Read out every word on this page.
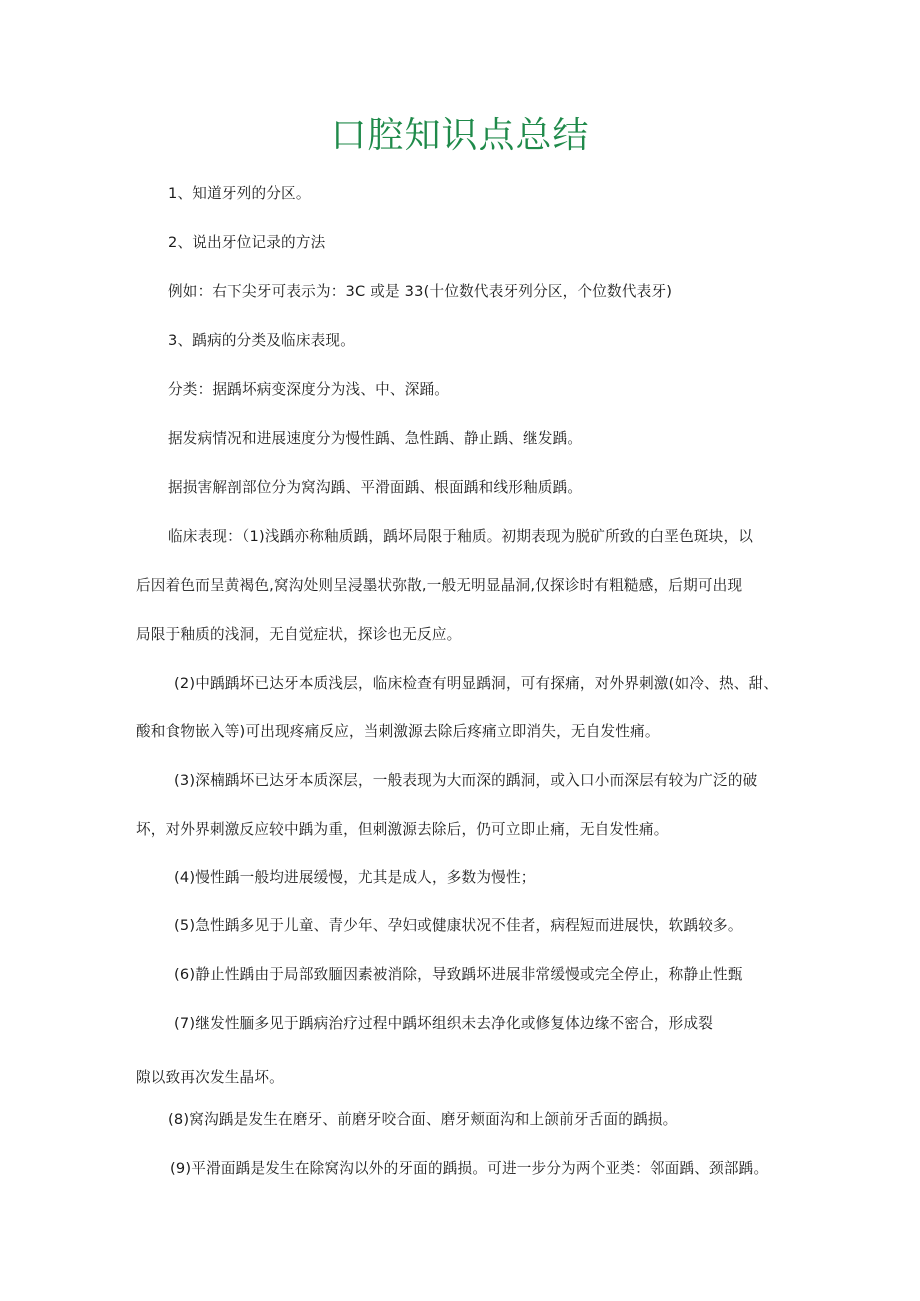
口腔知识点总结
1、知道牙列的分区。
2、说出牙位记录的方法
例如：右下尖牙可表示为：3C 或是 33(十位数代表牙列分区，个位数代表牙)
3、踽病的分类及临床表现。
分类：据踽坏病变深度分为浅、中、深踊。
据发病情况和进展速度分为慢性踽、急性踽、静止踽、继发踽。
据损害解剖部位分为窝沟踽、平滑面踽、根面踽和线形釉质踽。
临床表现：（1)浅踽亦称釉质踽，踽坏局限于釉质。初期表现为脱矿所致的白垩色斑块，以
后因着色而呈黄褐色,窝沟处则呈浸墨状弥散,一般无明显晶洞,仅探诊时有粗糙感，后期可出现
局限于釉质的浅洞，无自觉症状，探诊也无反应。
(2)中踽踽坏已达牙本质浅层，临床检查有明显踽洞，可有探痛，对外界刺激(如冷、热、甜、
酸和食物嵌入等)可出现疼痛反应，当刺激源去除后疼痛立即消失，无自发性痛。
(3)深楠踽坏已达牙本质深层，一般表现为大而深的踽洞，或入口小而深层有较为广泛的破
坏，对外界刺激反应较中踽为重，但刺激源去除后，仍可立即止痛，无自发性痛。
(4)慢性踽一般均进展缓慢，尤其是成人，多数为慢性；
(5)急性踽多见于儿童、青少年、孕妇或健康状况不佳者，病程短而进展快，软踽较多。
(6)静止性踽由于局部致腼因素被消除，导致踽坏进展非常缓慢或完全停止，称静止性甄
(7)继发性腼多见于踽病治疗过程中踽坏组织未去净化或修复体边缘不密合，形成裂
隙以致再次发生晶坏。
(8)窝沟踽是发生在磨牙、前磨牙咬合面、磨牙颊面沟和上颌前牙舌面的踽损。
(9)平滑面踽是发生在除窝沟以外的牙面的踽损。可进一步分为两个亚类：邻面踽、颈部踽。
